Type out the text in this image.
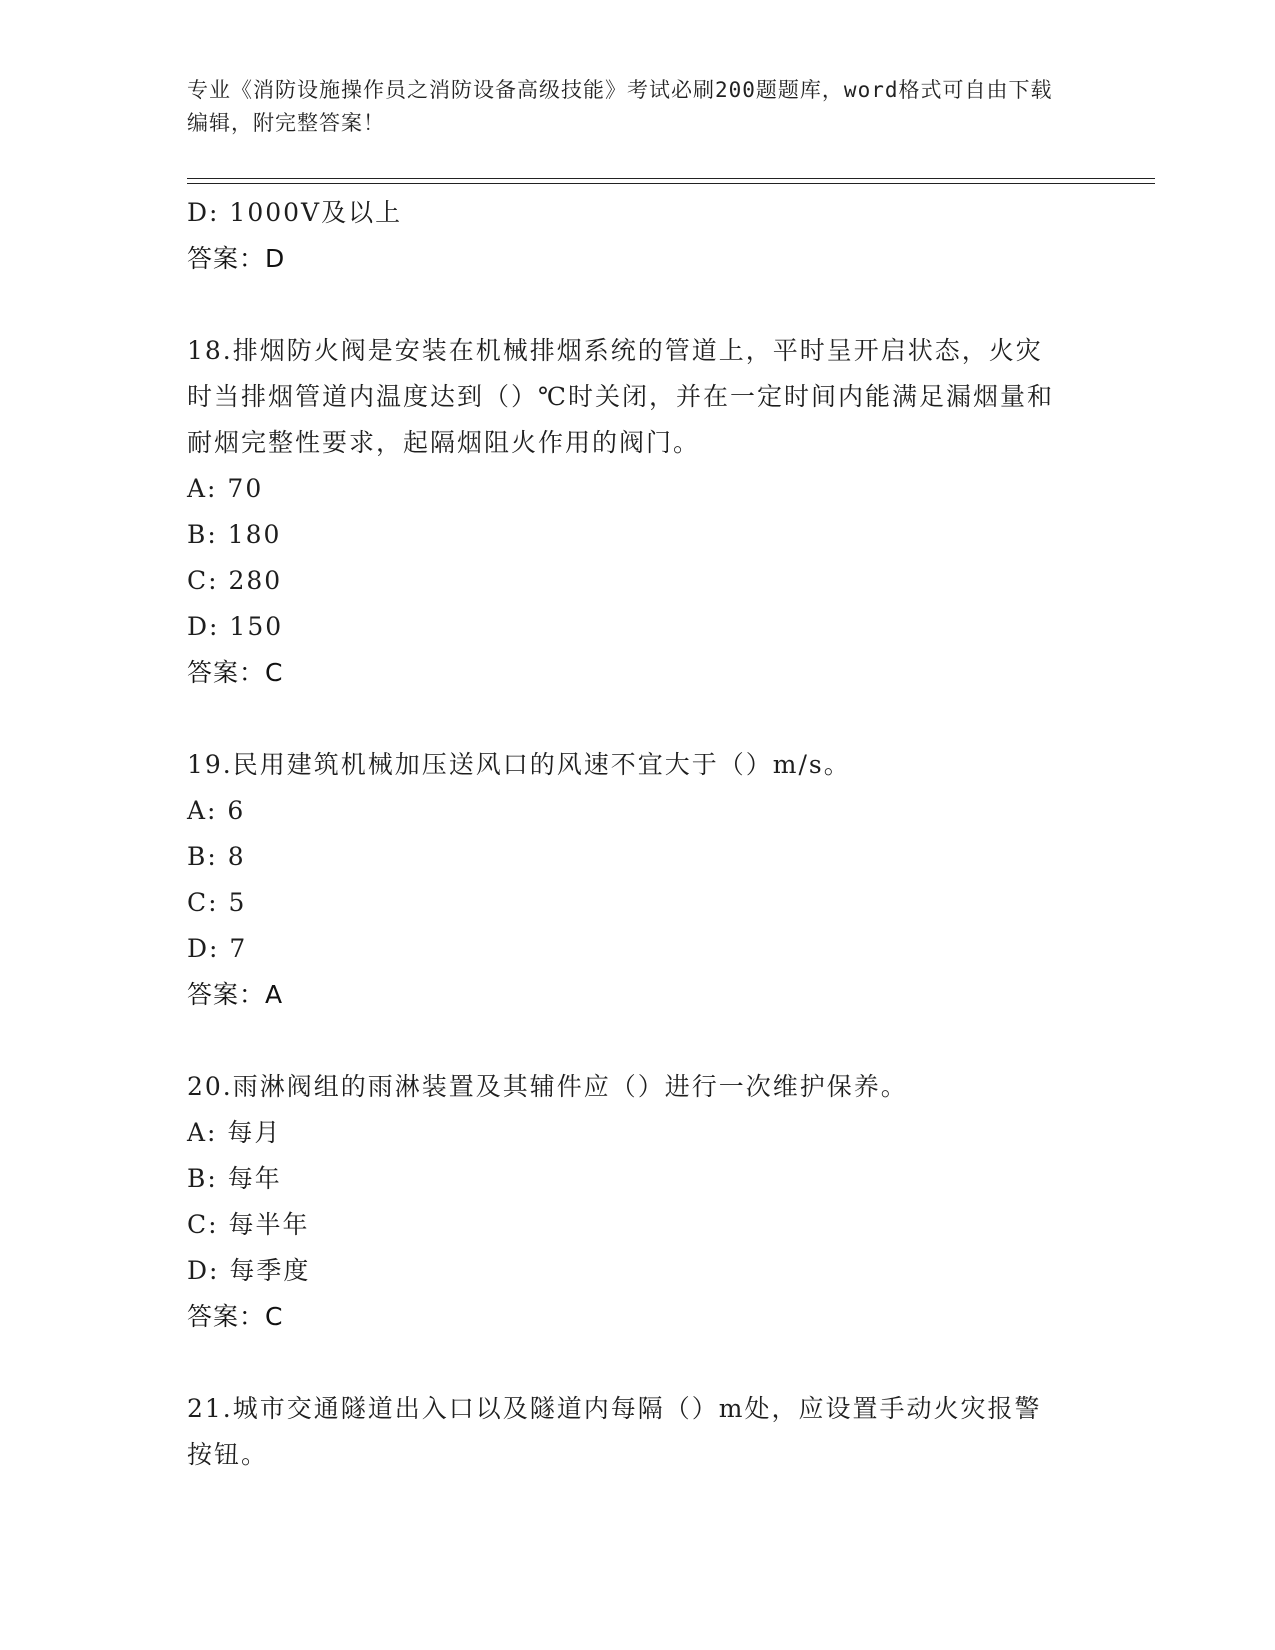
专业《消防设施操作员之消防设备高级技能》考试必刷200题题库，word格式可自由下载编辑，附完整答案！
D: 1000V及以上
答案：D
18.排烟防火阀是安装在机械排烟系统的管道上，平时呈开启状态，火灾时当排烟管道内温度达到（）℃时关闭，并在一定时间内能满足漏烟量和耐烟完整性要求，起隔烟阻火作用的阀门。
A: 70
B: 180
C: 280
D: 150
答案：C
19.民用建筑机械加压送风口的风速不宜大于（）m/s。
A: 6
B: 8
C: 5
D: 7
答案：A
20.雨淋阀组的雨淋装置及其辅件应（）进行一次维护保养。
A: 每月
B: 每年
C: 每半年
D: 每季度
答案：C
21.城市交通隧道出入口以及隧道内每隔（）m处，应设置手动火灾报警按钮。
